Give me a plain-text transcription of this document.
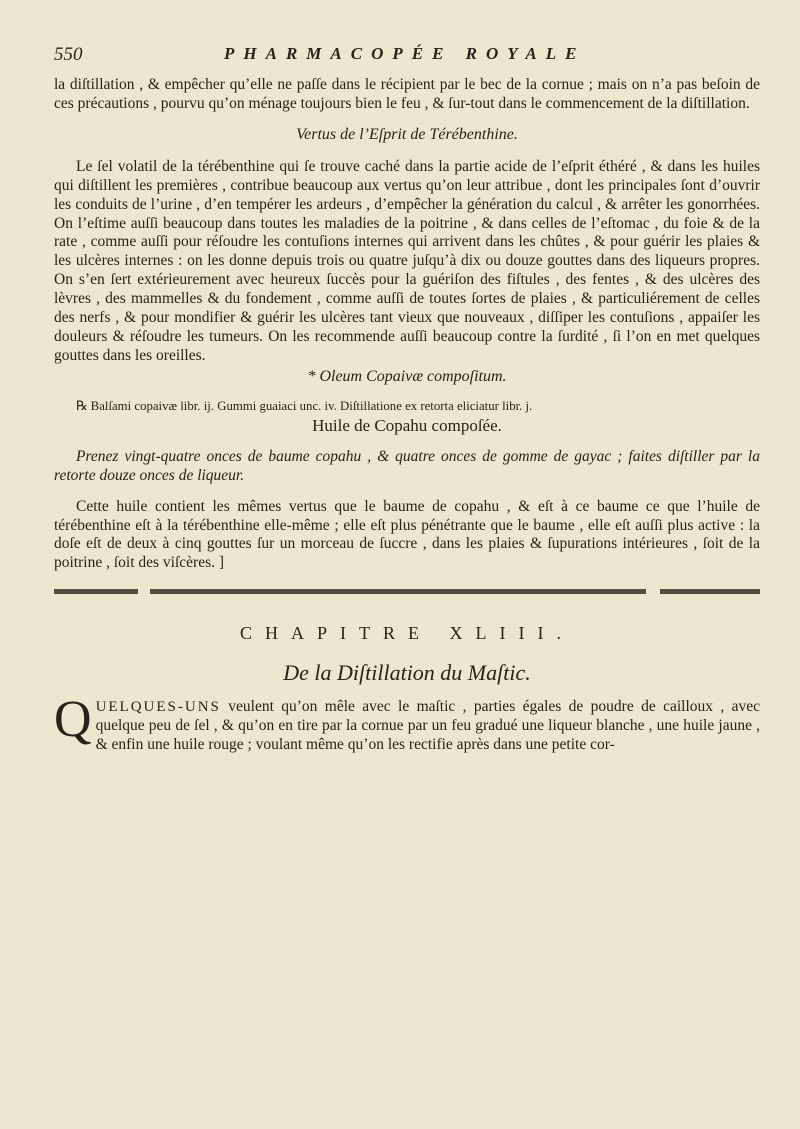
550	PHARMACOPÉE ROYALE

la diſtillation , & empêcher qu’elle ne paſſe dans le récipient par le bec de la cornue ; mais on n’a pas beſoin de ces précautions , pourvu qu’on ménage toujours bien le feu , & ſur-tout dans le commencement de la diſtillation.

Vertus de l’Eſprit de Térébenthine.

Le ſel volatil de la térébenthine qui ſe trouve caché dans la partie acide de l’eſprit éthéré , & dans les huiles qui diſtillent les premières , contribue beaucoup aux vertus qu’on leur attribue , dont les principales ſont d’ouvrir les conduits de l’urine , d’en tempérer les ardeurs , d’empêcher la génération du calcul , & arrêter les gonorrhées. On l’eſtime auſſi beaucoup dans toutes les maladies de la poitrine , & dans celles de l’eſtomac , du foie & de la rate , comme auſſi pour réſoudre les contuſions internes qui arrivent dans les chûtes , & pour guérir les plaies & les ulcères internes : on les donne depuis trois ou quatre juſqu’à dix ou douze gouttes dans des liqueurs propres. On s’en ſert extérieurement avec heureux ſuccès pour la guériſon des fiſtules , des fentes , & des ulcères des lèvres , des mammelles & du fondement , comme auſſi de toutes ſortes de plaies , & particuliérement de celles des nerfs , & pour mondifier & guérir les ulcères tant vieux que nouveaux , diſſiper les contuſions , appaiſer les douleurs & réſoudre les tumeurs. On les recommende auſſi beaucoup contre la ſurdité , ſi l’on en met quelques gouttes dans les oreilles.

* Oleum Copaivæ compoſitum.

℞ Balſami copaivæ libr. ij. Gummi guaiaci unc. iv. Diſtillatione ex retorta eliciatur libr. j.

Huile de Copahu compoſée.

Prenez vingt-quatre onces de baume copahu , & quatre onces de gomme de gayac ; faites diſtiller par la retorte douze onces de liqueur.

Cette huile contient les mêmes vertus que le baume de copahu , & eſt à ce baume ce que l’huile de térébenthine eſt à la térébenthine elle-même ; elle eſt plus pénétrante que le baume , elle eſt auſſi plus active : la doſe eſt de deux à cinq gouttes ſur un morceau de ſuccre , dans les plaies & ſupurations intérieures , ſoit de la poitrine , ſoit des viſcères. ]

CHAPITRE XLIII.

De la Diſtillation du Maſtic.

QUELQUES-UNS veulent qu’on mêle avec le maſtic , parties égales de poudre de cailloux , avec quelque peu de ſel , & qu’on en tire par la cornue par un feu gradué une liqueur blanche , une huile jaune , & enfin une huile rouge ; voulant même qu’on les rectifie après dans une petite cor-
